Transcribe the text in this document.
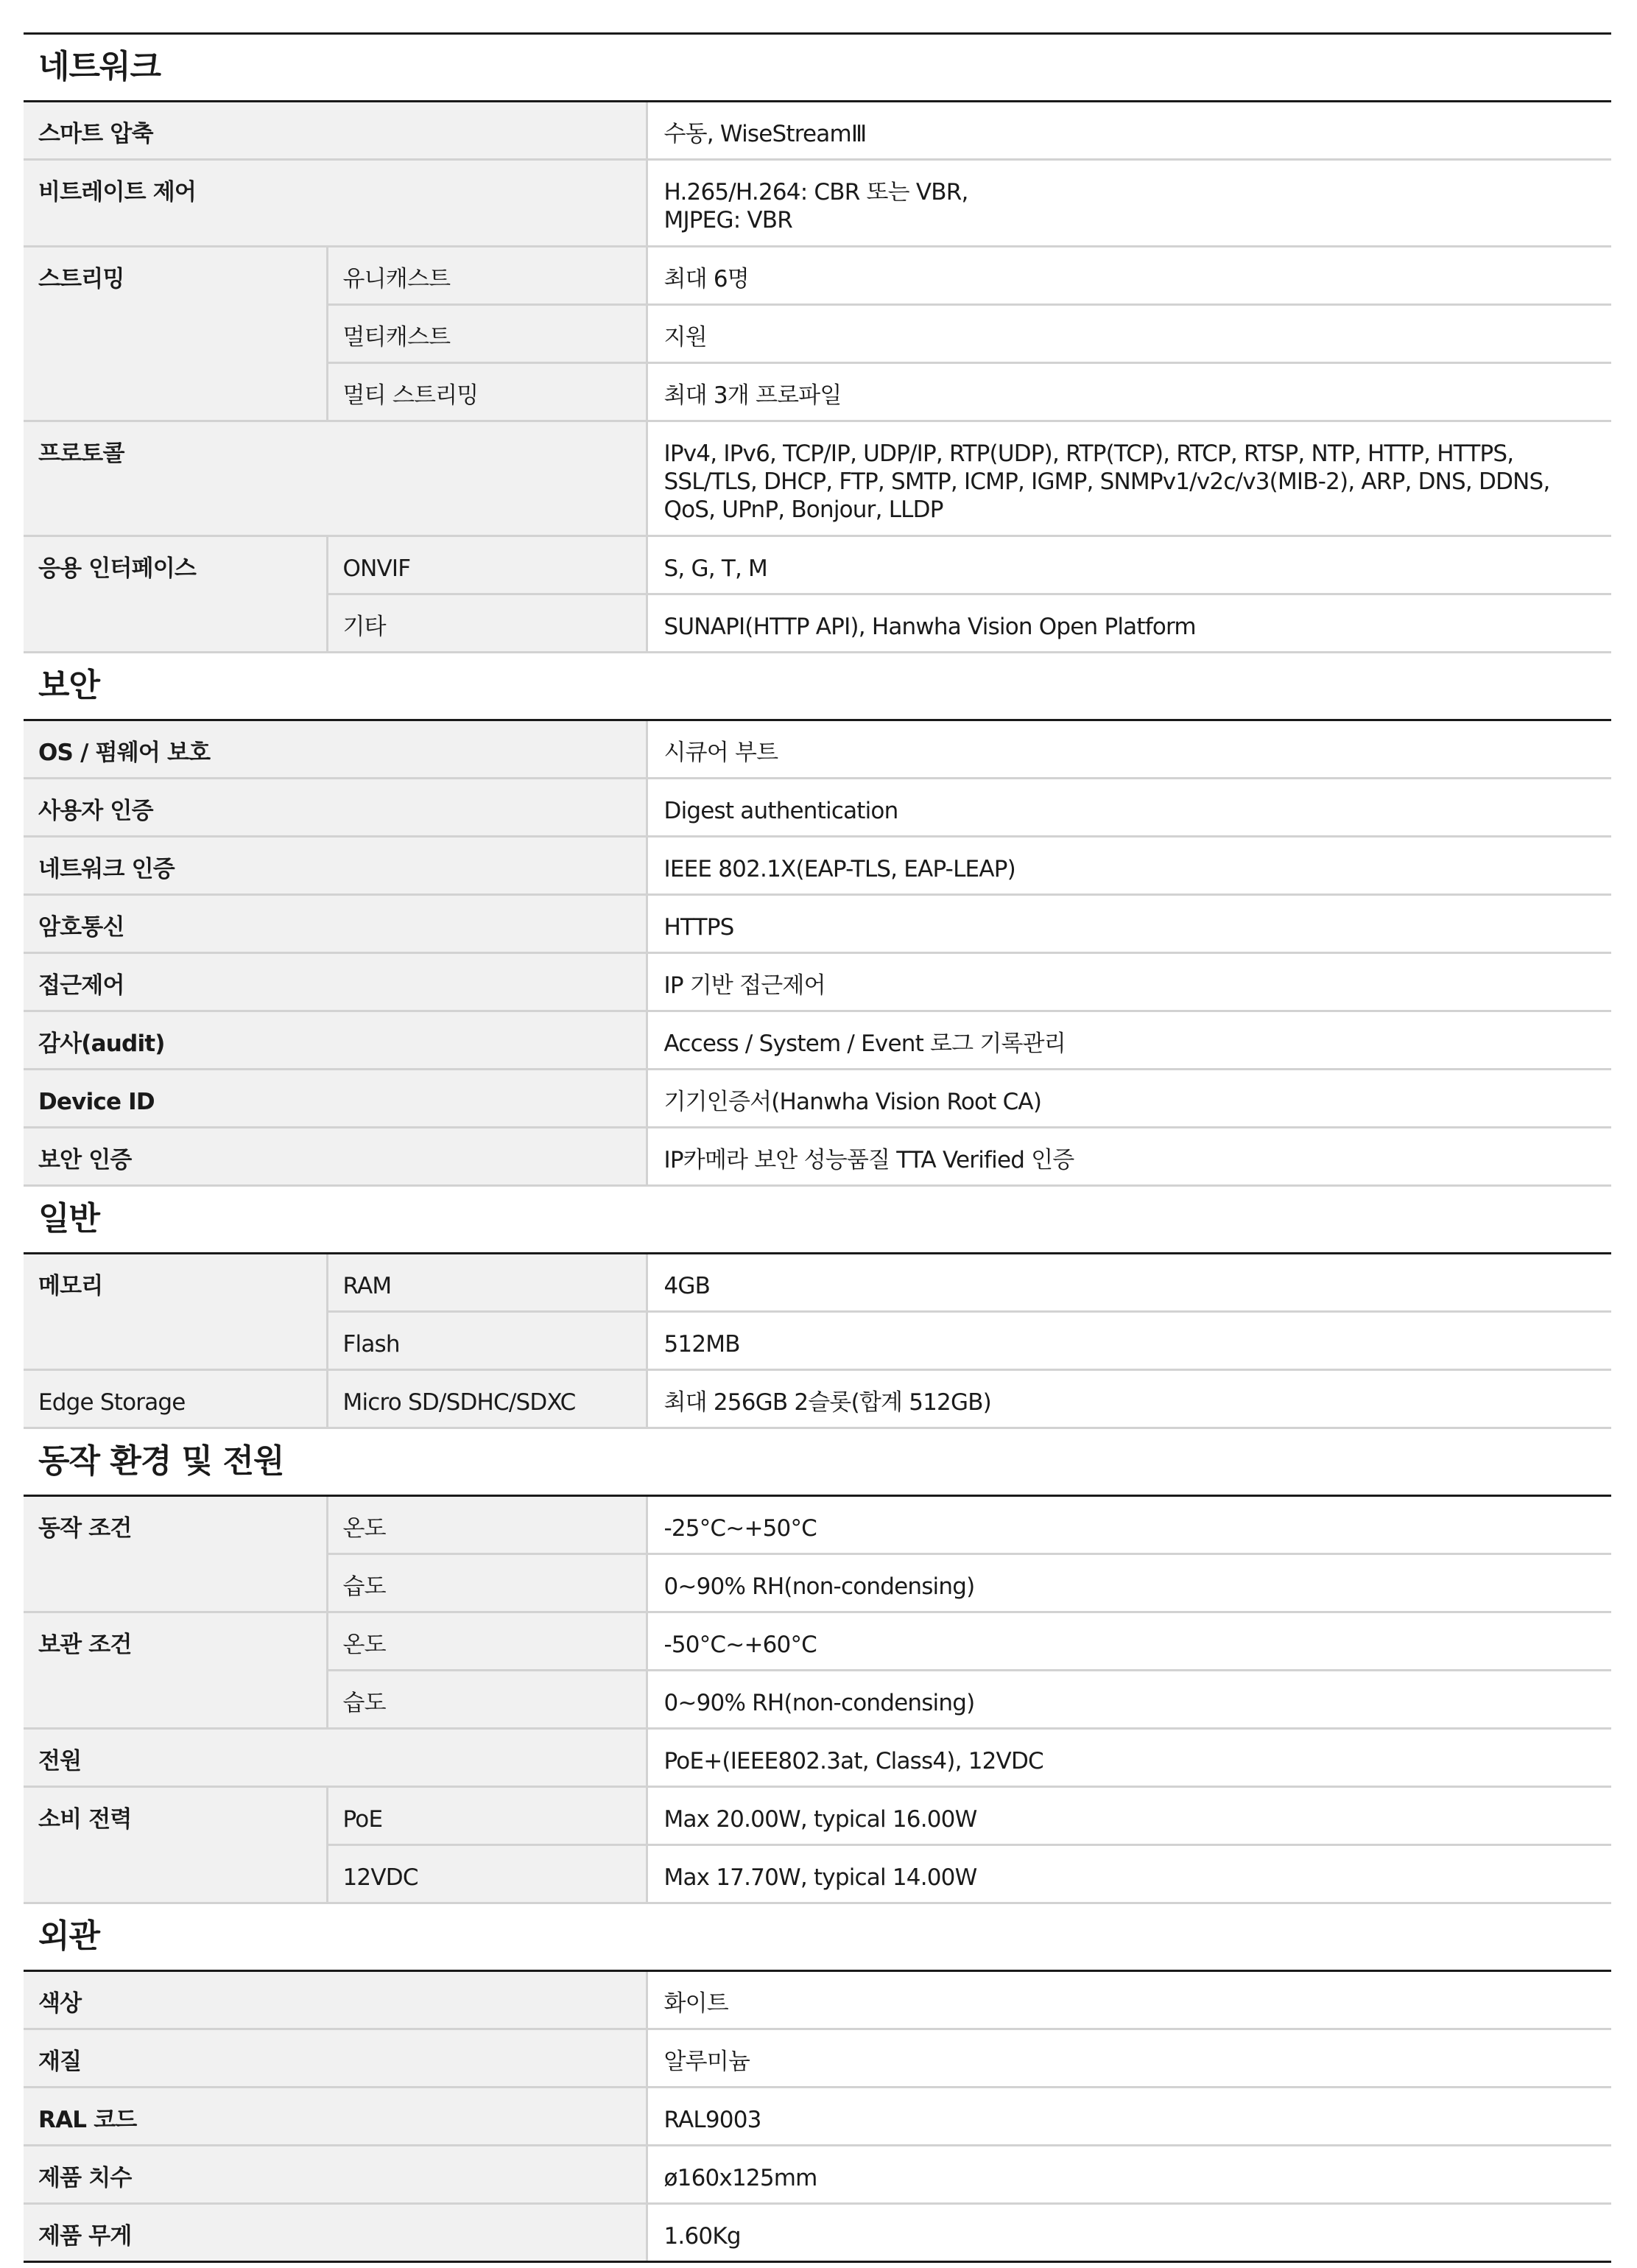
네트워크		
스마트 압축		수동, WiseStreamⅢ
비트레이트 제어		H.265/H.264: CBR 또는 VBR,
MJPEG: VBR

스트리밍	유니캐스트	최대 6명
	멀티캐스트	지원
	멀티 스트리밍	최대 3개 프로파일
프로토콜		IPv4, IPv6, TCP/IP, UDP/IP, RTP(UDP), RTP(TCP), RTCP, RTSP, NTP, HTTP, HTTPS,
SSL/TLS, DHCP, FTP, SMTP, ICMP, IGMP, SNMPv1/v2c/v3(MIB-2), ARP, DNS, DDNS,
QoS, UPnP, Bonjour, LLDP

응용 인터페이스	ONVIF	S, G, T, M
	기타	SUNAPI(HTTP API), Hanwha Vision Open Platform
보안		
OS / 펌웨어 보호		시큐어 부트
사용자 인증		Digest authentication
네트워크 인증		IEEE 802.1X(EAP-TLS, EAP-LEAP)
암호통신		HTTPS
접근제어		IP 기반 접근제어
감사(audit)		Access / System / Event 로그 기록관리
Device ID		기기인증서(Hanwha Vision Root CA)
보안 인증		IP카메라 보안 성능품질 TTA Verified 인증
일반		
메모리	RAM	4GB
	Flash	512MB
Edge Storage	Micro SD/SDHC/SDXC	최대 256GB 2슬롯(합계 512GB)
동작 환경 및 전원		
동작 조건	온도	-25°C~+50°C
	습도	0~90% RH(non-condensing)
보관 조건	온도	-50°C~+60°C
	습도	0~90% RH(non-condensing)
전원		PoE+(IEEE802.3at, Class4), 12VDC
소비 전력	PoE	Max 20.00W, typical 16.00W
	12VDC	Max 17.70W, typical 14.00W
외관		
색상		화이트
재질		알루미늄
RAL 코드		RAL9003
제품 치수		ø160x125mm
제품 무게		1.60Kg
